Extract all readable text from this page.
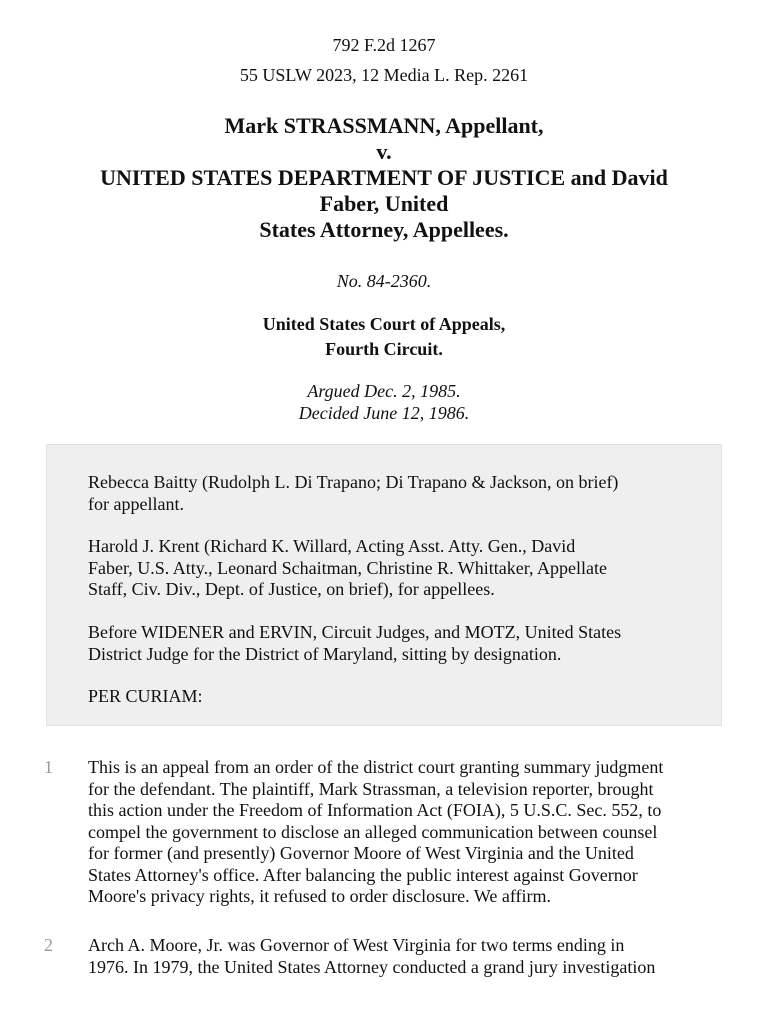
792 F.2d 1267
55 USLW 2023, 12 Media L. Rep. 2261
Mark STRASSMANN, Appellant,
v.
UNITED STATES DEPARTMENT OF JUSTICE and David
Faber, United
States Attorney, Appellees.
No. 84-2360.
United States Court of Appeals,
Fourth Circuit.
Argued Dec. 2, 1985.
Decided June 12, 1986.
Rebecca Baitty (Rudolph L. Di Trapano; Di Trapano & Jackson, on brief)
for appellant.
Harold J. Krent (Richard K. Willard, Acting Asst. Atty. Gen., David
Faber, U.S. Atty., Leonard Schaitman, Christine R. Whittaker, Appellate
Staff, Civ. Div., Dept. of Justice, on brief), for appellees.
Before WIDENER and ERVIN, Circuit Judges, and MOTZ, United States
District Judge for the District of Maryland, sitting by designation.
PER CURIAM:
1 This is an appeal from an order of the district court granting summary judgment
for the defendant. The plaintiff, Mark Strassman, a television reporter, brought
this action under the Freedom of Information Act (FOIA), 5 U.S.C. Sec. 552, to
compel the government to disclose an alleged communication between counsel
for former (and presently) Governor Moore of West Virginia and the United
States Attorney's office. After balancing the public interest against Governor
Moore's privacy rights, it refused to order disclosure. We affirm.
2 Arch A. Moore, Jr. was Governor of West Virginia for two terms ending in
1976. In 1979, the United States Attorney conducted a grand jury investigation
